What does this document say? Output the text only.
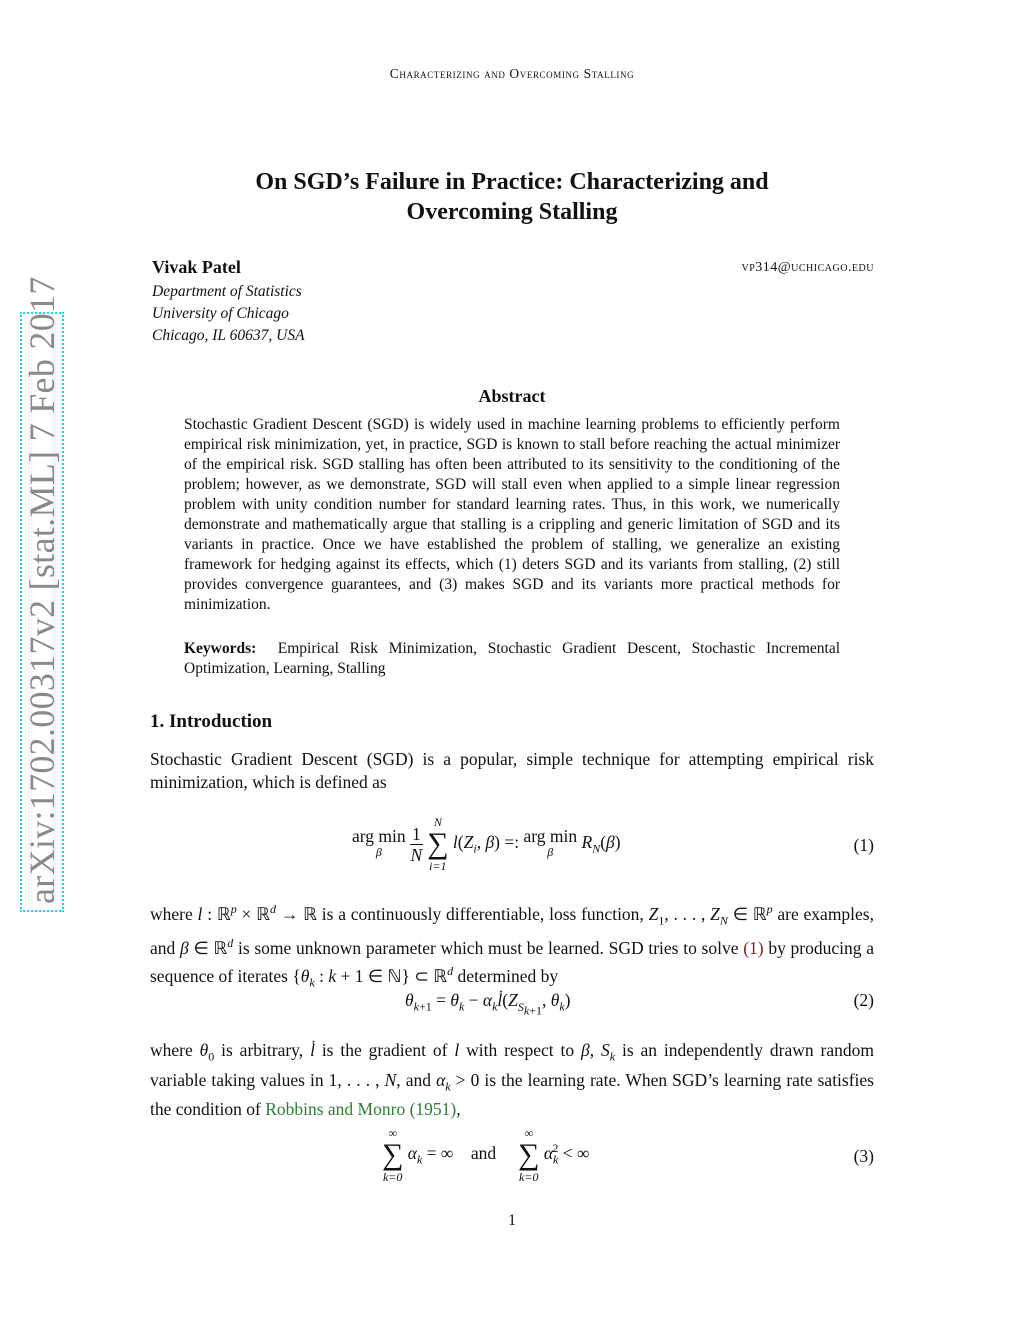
Characterizing and Overcoming Stalling
arXiv:1702.00317v2 [stat.ML] 7 Feb 2017
On SGD’s Failure in Practice: Characterizing and
Overcoming Stalling
Vivak Patel	vp314@uchicago.edu
Department of Statistics
University of Chicago
Chicago, IL 60637, USA
Abstract
Stochastic Gradient Descent (SGD) is widely used in machine learning problems to efficiently perform empirical risk minimization, yet, in practice, SGD is known to stall before reaching the actual minimizer of the empirical risk. SGD stalling has often been attributed to its sensitivity to the conditioning of the problem; however, as we demonstrate, SGD will stall even when applied to a simple linear regression problem with unity condition number for standard learning rates. Thus, in this work, we numerically demonstrate and mathematically argue that stalling is a crippling and generic limitation of SGD and its variants in practice. Once we have established the problem of stalling, we generalize an existing framework for hedging against its effects, which (1) deters SGD and its variants from stalling, (2) still provides convergence guarantees, and (3) makes SGD and its variants more practical methods for minimization.
Keywords: Empirical Risk Minimization, Stochastic Gradient Descent, Stochastic Incremental Optimization, Learning, Stalling
1. Introduction
Stochastic Gradient Descent (SGD) is a popular, simple technique for attempting empirical risk minimization, which is defined as
arg min
β
	$\frac{1}{N}$

N
∑
i=1
$l(Z_i$, β) =: arg min
β	$R_N(\beta)$	(1)
where l : ℝ$^p$ × ℝ$^d$ → ℝ is a continuously differentiable, loss function, $Z_1$, . . . , $Z_N$ ∈ ℝ$^p$ are examples, and β ∈ ℝ$^d$ is some unknown parameter which must be learned. SGD tries to solve (1) by producing a sequence of iterates {$\theta_k$ : k + 1 ∈ ℕ} ⊂ ℝ$^d$ determined by
$\theta_{k+1} = \theta_k$ − $\alpha_kl̇(Z_{S_{k+1}}$, $\theta_k$)	(2)
where $\theta_0$ is arbitrary, l̇ is the gradient of l with respect to β, $S_k$ is an independently drawn random variable taking values in 1, . . . , N, and $\alpha_k > 0$ is the learning rate. When SGD’s learning rate satisfies the condition of Robbins and Monro (1951),
∞
∑
k=0
$\alpha_k$ = ∞    and
∞
∑
k=0
$\alpha_k^2$ < ∞	(3)
1
